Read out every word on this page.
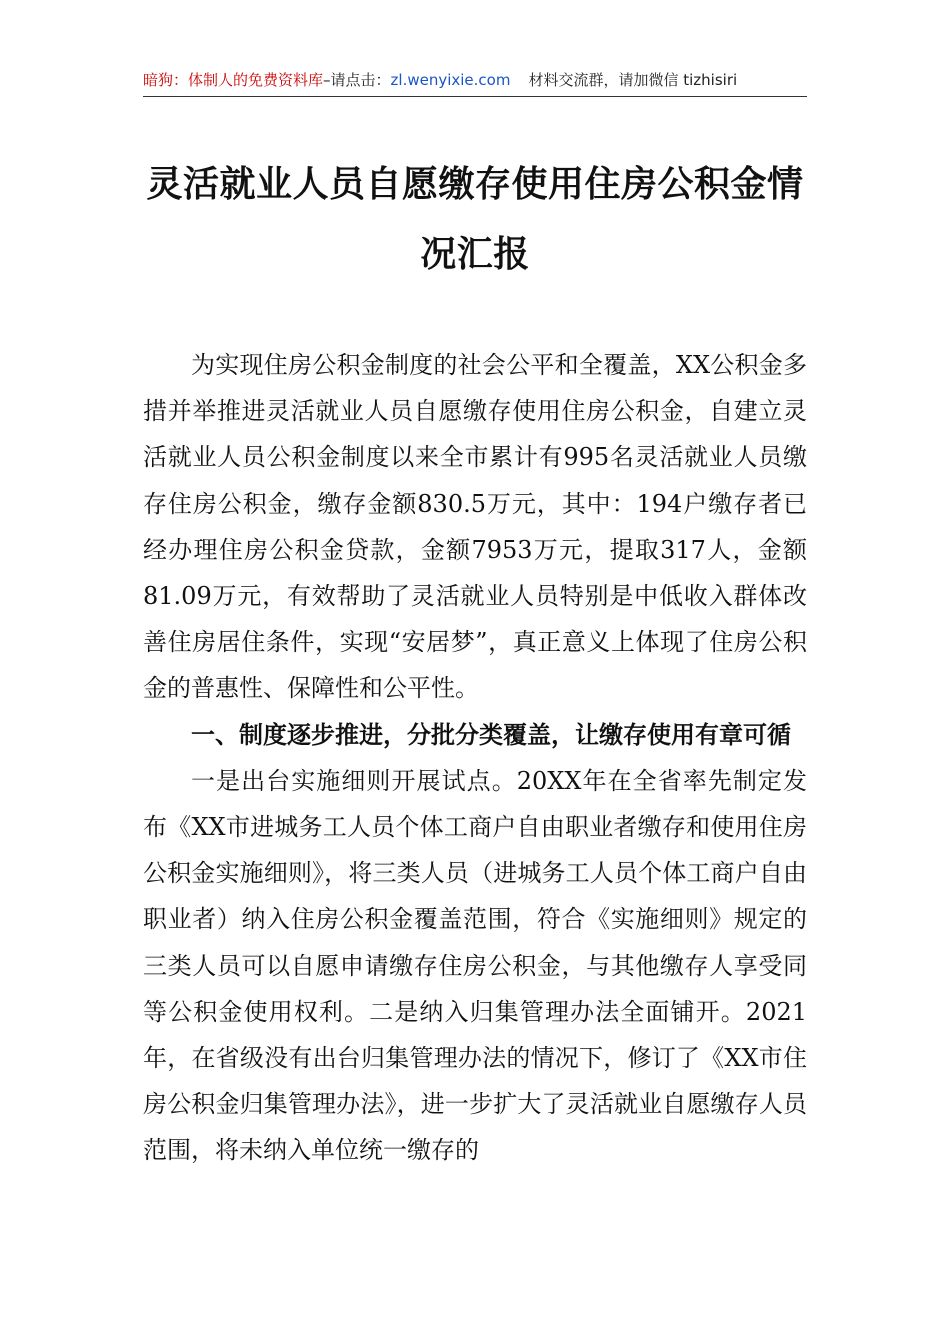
暗狗：体制人的免费资料库–请点击：zl.wenyixie.com 材料交流群，请加微信 tizhisiri
灵活就业人员自愿缴存使用住房公积金情况汇报

为实现住房公积金制度的社会公平和全覆盖，XX公积金多措并举推进灵活就业人员自愿缴存使用住房公积金，自建立灵活就业人员公积金制度以来全市累计有995名灵活就业人员缴存住房公积金，缴存金额830.5万元，其中：194户缴存者已经办理住房公积金贷款，金额7953万元，提取317人，金额81.09万元，有效帮助了灵活就业人员特别是中低收入群体改善住房居住条件，实现“安居梦”，真正意义上体现了住房公积金的普惠性、保障性和公平性。

一、制度逐步推进，分批分类覆盖，让缴存使用有章可循

一是出台实施细则开展试点。20XX年在全省率先制定发布《XX市进城务工人员个体工商户自由职业者缴存和使用住房公积金实施细则》，将三类人员（进城务工人员个体工商户自由职业者）纳入住房公积金覆盖范围，符合《实施细则》规定的三类人员可以自愿申请缴存住房公积金，与其他缴存人享受同等公积金使用权利。二是纳入归集管理办法全面铺开。2021年，在省级没有出台归集管理办法的情况下，修订了《XX市住房公积金归集管理办法》，进一步扩大了灵活就业自愿缴存人员范围，将未纳入单位统一缴存的
